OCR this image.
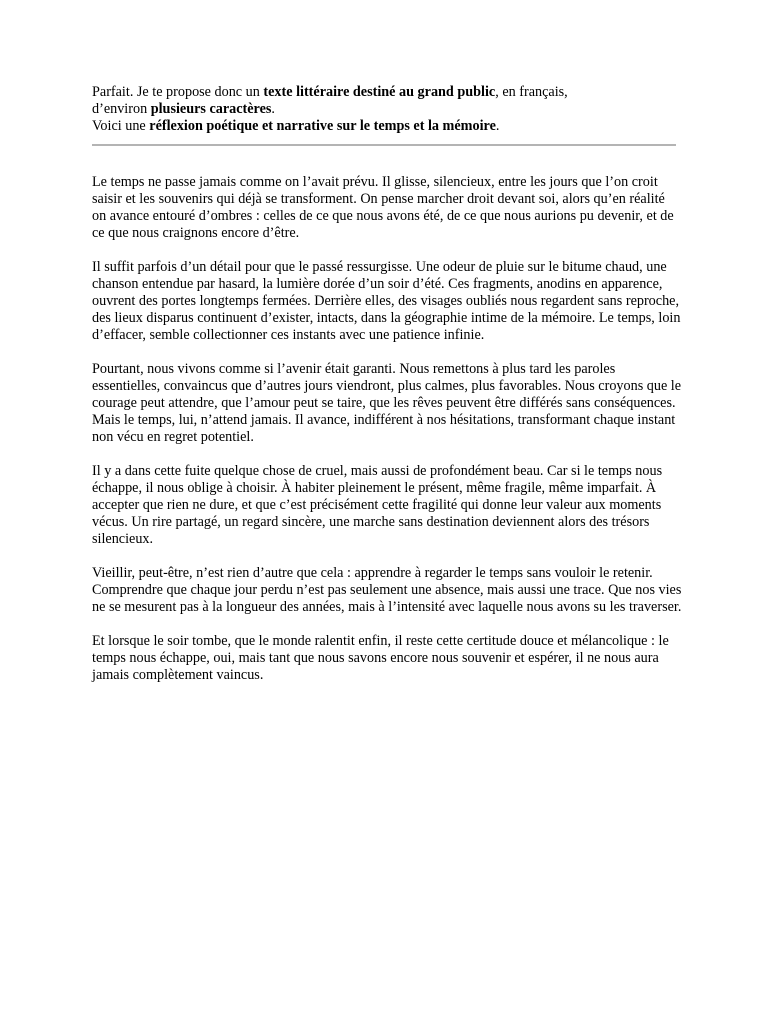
Parfait. Je te propose donc un texte littéraire destiné au grand public, en français,
d’environ plusieurs caractères.
Voici une réflexion poétique et narrative sur le temps et la mémoire.

Le temps ne passe jamais comme on l’avait prévu. Il glisse, silencieux, entre les jours que l’on croit saisir et les souvenirs qui déjà se transforment. On pense marcher droit devant soi, alors qu’en réalité on avance entouré d’ombres : celles de ce que nous avons été, de ce que nous aurions pu devenir, et de ce que nous craignons encore d’être.

Il suffit parfois d’un détail pour que le passé ressurgisse. Une odeur de pluie sur le bitume chaud, une chanson entendue par hasard, la lumière dorée d’un soir d’été. Ces fragments, anodins en apparence, ouvrent des portes longtemps fermées. Derrière elles, des visages oubliés nous regardent sans reproche, des lieux disparus continuent d’exister, intacts, dans la géographie intime de la mémoire. Le temps, loin d’effacer, semble collectionner ces instants avec une patience infinie.

Pourtant, nous vivons comme si l’avenir était garanti. Nous remettons à plus tard les paroles essentielles, convaincus que d’autres jours viendront, plus calmes, plus favorables. Nous croyons que le courage peut attendre, que l’amour peut se taire, que les rêves peuvent être différés sans conséquences. Mais le temps, lui, n’attend jamais. Il avance, indifférent à nos hésitations, transformant chaque instant non vécu en regret potentiel.

Il y a dans cette fuite quelque chose de cruel, mais aussi de profondément beau. Car si le temps nous échappe, il nous oblige à choisir. À habiter pleinement le présent, même fragile, même imparfait. À accepter que rien ne dure, et que c’est précisément cette fragilité qui donne leur valeur aux moments vécus. Un rire partagé, un regard sincère, une marche sans destination deviennent alors des trésors silencieux.

Vieillir, peut-être, n’est rien d’autre que cela : apprendre à regarder le temps sans vouloir le retenir. Comprendre que chaque jour perdu n’est pas seulement une absence, mais aussi une trace. Que nos vies ne se mesurent pas à la longueur des années, mais à l’intensité avec laquelle nous avons su les traverser.

Et lorsque le soir tombe, que le monde ralentit enfin, il reste cette certitude douce et mélancolique : le temps nous échappe, oui, mais tant que nous savons encore nous souvenir et espérer, il ne nous aura jamais complètement vaincus.
